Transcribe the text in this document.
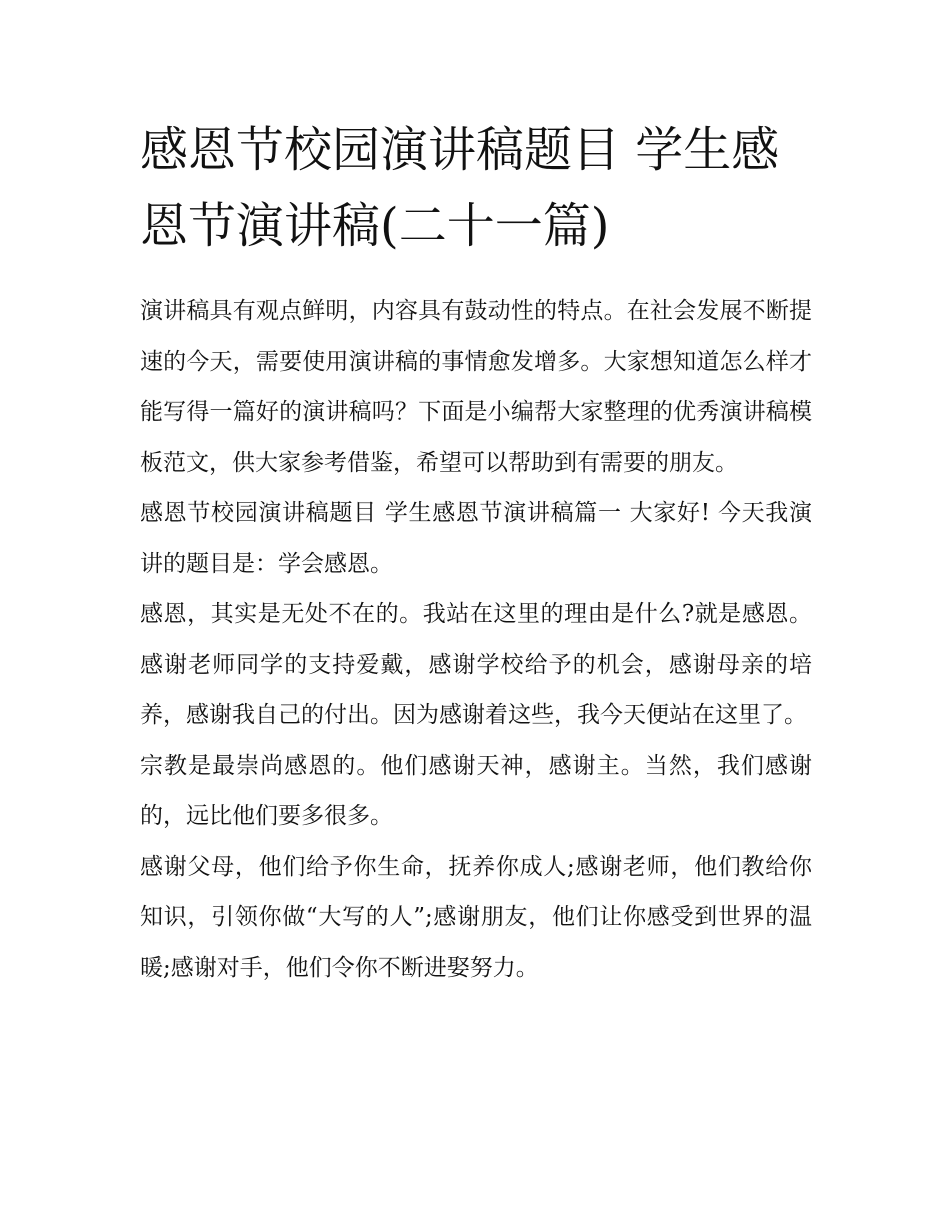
感恩节校园演讲稿题目 学生感恩节演讲稿(二十一篇)

演讲稿具有观点鲜明，内容具有鼓动性的特点。在社会发展不断提速的今天，需要使用演讲稿的事情愈发增多。大家想知道怎么样才能写得一篇好的演讲稿吗？下面是小编帮大家整理的优秀演讲稿模板范文，供大家参考借鉴，希望可以帮助到有需要的朋友。

感恩节校园演讲稿题目 学生感恩节演讲稿篇一 大家好! 今天我演讲的题目是：学会感恩。

感恩，其实是无处不在的。我站在这里的理由是什么?就是感恩。感谢老师同学的支持爱戴，感谢学校给予的机会，感谢母亲的培养，感谢我自己的付出。因为感谢着这些，我今天便站在这里了。

宗教是最崇尚感恩的。他们感谢天神，感谢主。当然，我们感谢的，远比他们要多很多。

感谢父母，他们给予你生命，抚养你成人;感谢老师，他们教给你知识，引领你做“大写的人”;感谢朋友，他们让你感受到世界的温暖;感谢对手，他们令你不断进娶努力。
